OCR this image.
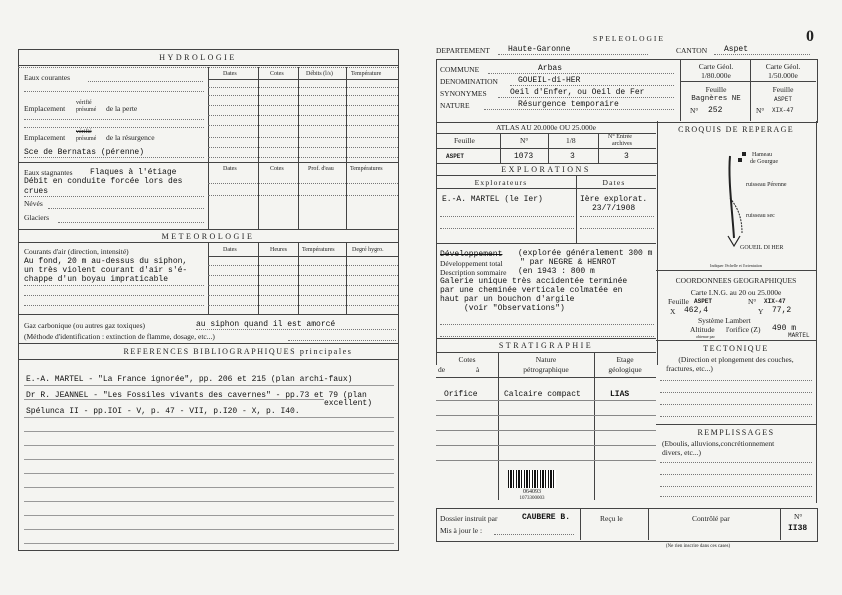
HYDROLOGIE
Dates	Cotes	Débits (l/s)	Température
Eaux courantes
Emplacement
vérifié
présumé de la perte
Emplacement
vérifié
présumé de la résurgence
Sce de Bernatas (pérenne)
Dates	Cotes	Prof. d'eau	Températures
Eaux stagnantes Flaques à l'étiage
Débit en conduite forcée lors des
crues
Névés
Glaciers
METEOROLOGIE
Courants d'air (direction, intensité)	Dates	Heures	Températures	Degré hygro.
Au fond, 20 m au-dessus du siphon,
un très violent courant d'air s'é-
chappe d'un boyau impraticable
Gaz carbonique (ou autres gaz toxiques)	au siphon quand il est amorcé
(Méthode d'identification : extinction de flamme, dosage, etc...)
REFERENCES BIBLIOGRAPHIQUES principales
E.-A. MARTEL - "La France ignorée", pp. 206 et 215 (plan archi-faux)
Dr R. JEANNEL - "Les Fossiles vivants des cavernes" - pp.73 et 79 (plan
excellent)
Spélunca II - pp.IOI - V, p. 47 - VII, p.I20 - X, p. I40.
SPELEOLOGIE	0
DEPARTEMENT Haute-Garonne	CANTON Aspet
COMMUNE	Arbas
DENOMINATION	GOUEIL-di-HER
SYNONYMES	Oeil d'Enfer, ou Oeil de Fer
NATURE	Résurgence temporaire
Carte Géol.
1/80.000e
Feuille
Bagnères NE
N° 252
Carte Géol.
1/50.000e
Feuille
ASPET
N° XIX-47
ATLAS AU 20.000e OU 25.000e
Feuille	N°	1/8	N° Entrée
archives
ASPET	1073	3	3
EXPLORATIONS
Explorateurs	Dates
E.-A. MARTEL (le Ier)	Ière explorat.
23/7/1908
Développement (explorée généralement 300 m
Développement total " par NEGRE & HENROT
Description sommaire (en 1943 : 800 m
Galerie unique très accidentée terminée
par une cheminée verticale colmatée en
haut par un bouchon d'argile
(voir "Observations")
STRATIGRAPHIE
Cotes
de	à
Nature
pétrographique
Etage
géologique
Orifice	Calcaire compact	LIAS
064093
1073300003
CROQUIS DE REPERAGE
Hameau
de Gourgue
ruisseau Pérenne
ruisseau sec
GOUEIL DI HER
Indiquer l'échelle et l'orientation
COORDONNEES GEOGRAPHIQUES
Carte I.N.G. au 20 ou 25.000e
Feuille ASPET	N° XIX-47
X 462,4	Y 77,2
Système Lambert
Altitude l'orifice (Z) 490 m
MARTEL
obtenue par
TECTONIQUE
(Direction et plongement des couches,
fractures, etc...)
REMPLISSAGES
(Eboulis, alluvions,concrétionnement
divers, etc...)
Dossier instruit par	CAUBERE B.
Mis à jour le :
Reçu le	Contrôlé par	N°
II38
(Ne rien inscrire dans ces cases)
